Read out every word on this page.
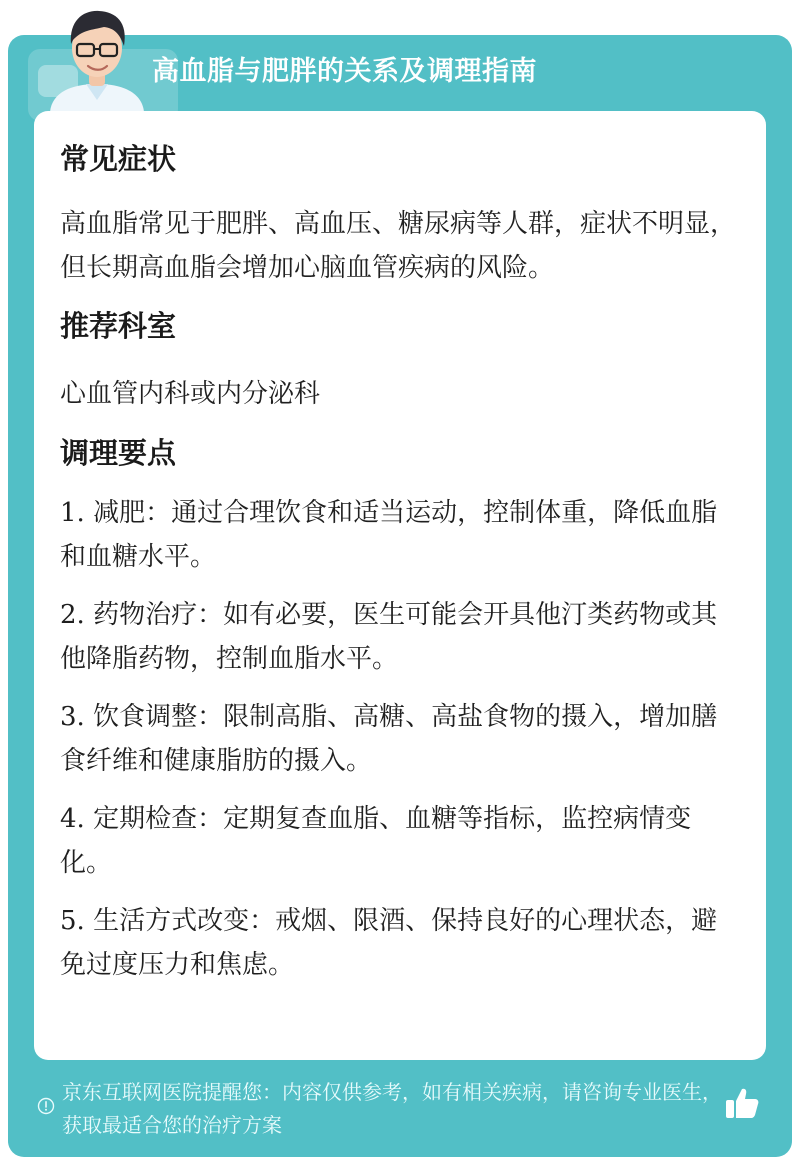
高血脂与肥胖的关系及调理指南
常见症状

高血脂常见于肥胖、高血压、糖尿病等人群，症状不明显，但长期高血脂会增加心脑血管疾病的风险。

推荐科室

心血管内科或内分泌科

调理要点
1. 减肥：通过合理饮食和适当运动，控制体重，降低血脂和血糖水平。
2. 药物治疗：如有必要，医生可能会开具他汀类药物或其他降脂药物，控制血脂水平。
3. 饮食调整：限制高脂、高糖、高盐食物的摄入，增加膳食纤维和健康脂肪的摄入。
4. 定期检查：定期复查血脂、血糖等指标，监控病情变化。
5. 生活方式改变：戒烟、限酒、保持良好的心理状态，避免过度压力和焦虑。

京东互联网医院提醒您：内容仅供参考，如有相关疾病，请咨询专业医生，获取最适合您的治疗方案
